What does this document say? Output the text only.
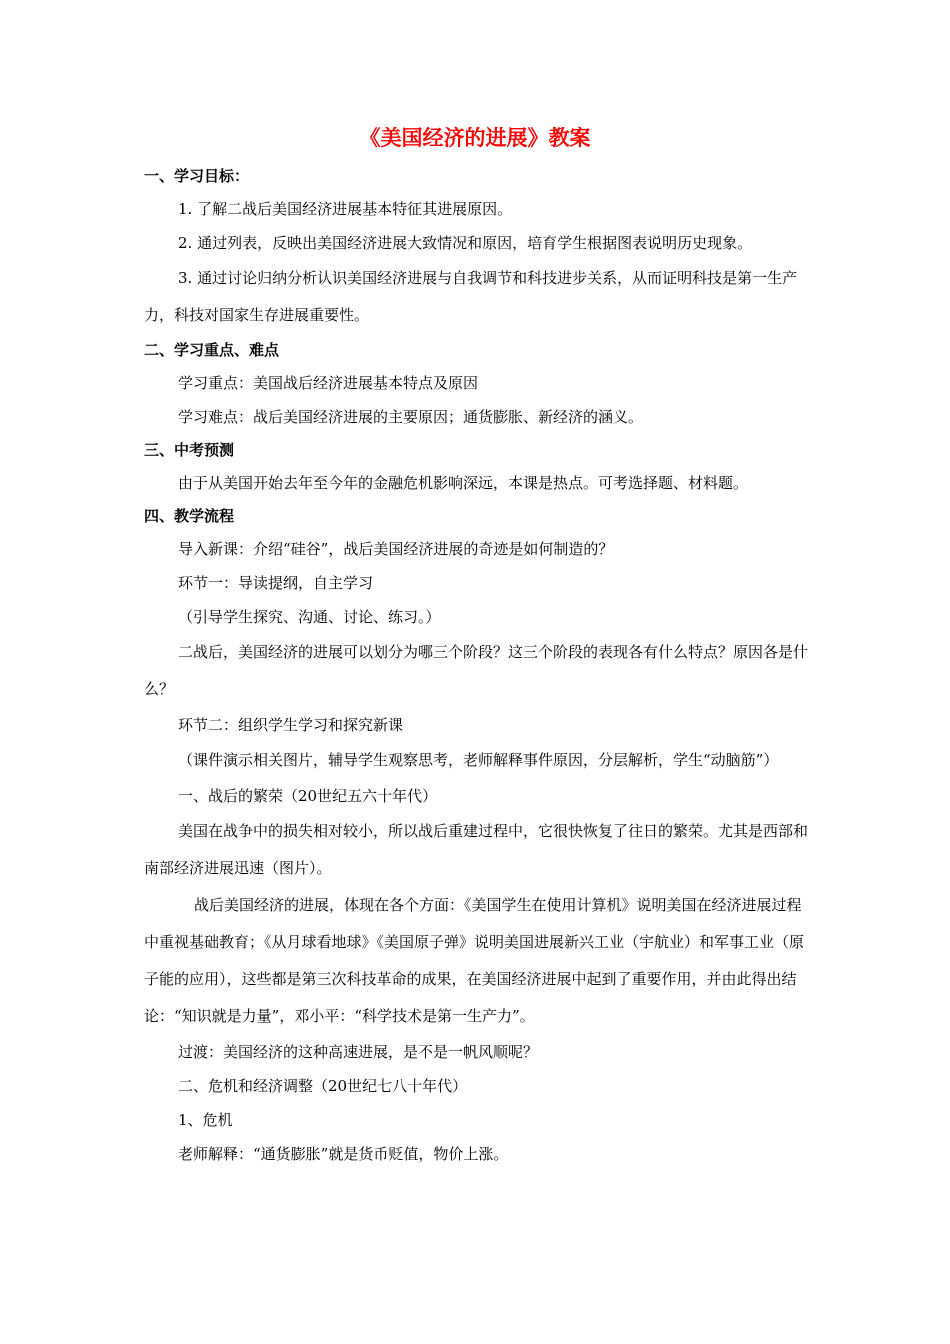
《美国经济的进展》教案

一、学习目标：

1. 了解二战后美国经济进展基本特征其进展原因。

2. 通过列表，反映出美国经济进展大致情况和原因，培育学生根据图表说明历史现象。

3. 通过讨论归纳分析认识美国经济进展与自我调节和科技进步关系，从而证明科技是第一生产力，科技对国家生存进展重要性。

二、学习重点、难点

学习重点：美国战后经济进展基本特点及原因

学习难点：战后美国经济进展的主要原因；通货膨胀、新经济的涵义。

三、中考预测

由于从美国开始去年至今年的金融危机影响深远，本课是热点。可考选择题、材料题。

四、教学流程

导入新课：介绍“硅谷”，战后美国经济进展的奇迹是如何制造的？

环节一：导读提纲，自主学习

（引导学生探究、沟通、讨论、练习。）

二战后，美国经济的进展可以划分为哪三个阶段？这三个阶段的表现各有什么特点？原因各是什么？

环节二：组织学生学习和探究新课

（课件演示相关图片，辅导学生观察思考，老师解释事件原因，分层解析，学生“动脑筋”）

一、战后的繁荣（20世纪五六十年代）

美国在战争中的损失相对较小，所以战后重建过程中，它很快恢复了往日的繁荣。尤其是西部和南部经济进展迅速（图片）。

战后美国经济的进展，体现在各个方面：《美国学生在使用计算机》说明美国在经济进展过程中重视基础教育；《从月球看地球》《美国原子弹》说明美国进展新兴工业（宇航业）和军事工业（原子能的应用），这些都是第三次科技革命的成果，在美国经济进展中起到了重要作用，并由此得出结论：“知识就是力量”，邓小平：“科学技术是第一生产力”。

过渡：美国经济的这种高速进展，是不是一帆风顺呢？

二、危机和经济调整（20世纪七八十年代）

1、危机

老师解释：“通货膨胀”就是货币贬值，物价上涨。
